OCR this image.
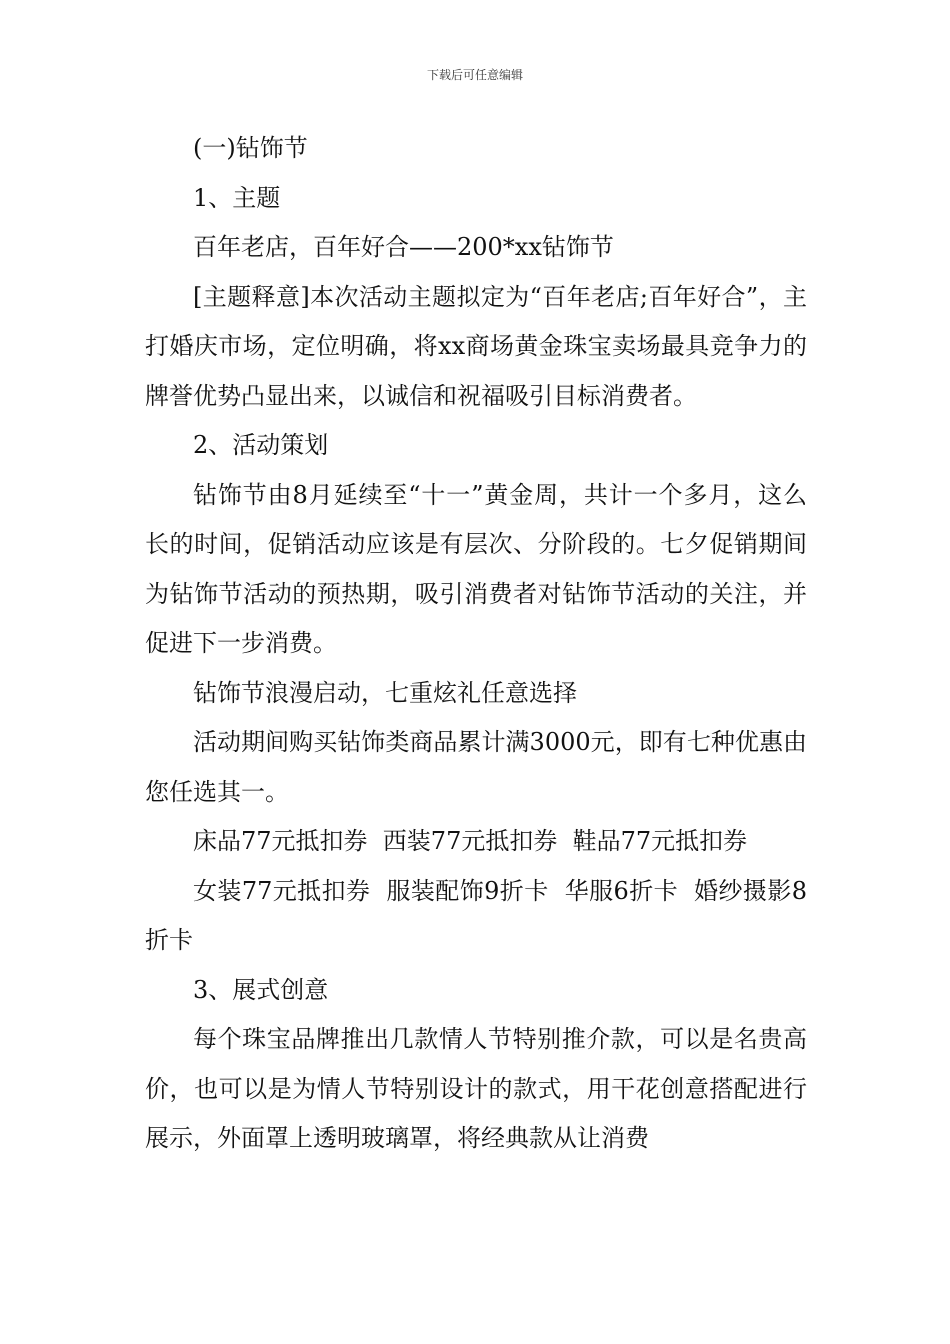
下载后可任意编辑

(一)钻饰节

1、主题

百年老店，百年好合——200*xx钻饰节

[主题释意]本次活动主题拟定为“百年老店;百年好合”，主打婚庆市场，定位明确，将xx商场黄金珠宝卖场最具竞争力的牌誉优势凸显出来，以诚信和祝福吸引目标消费者。

2、活动策划

钻饰节由8月延续至“十一”黄金周，共计一个多月，这么长的时间，促销活动应该是有层次、分阶段的。七夕促销期间为钻饰节活动的预热期，吸引消费者对钻饰节活动的关注，并促进下一步消费。

钻饰节浪漫启动，七重炫礼任意选择

活动期间购买钻饰类商品累计满3000元，即有七种优惠由您任选其一。

床品77元抵扣券  西装77元抵扣券  鞋品77元抵扣券

女装77元抵扣券  服装配饰9折卡  华服6折卡  婚纱摄影8折卡

3、展式创意

每个珠宝品牌推出几款情人节特别推介款，可以是名贵高价，也可以是为情人节特别设计的款式，用干花创意搭配进行展示，外面罩上透明玻璃罩，将经典款从让消费
